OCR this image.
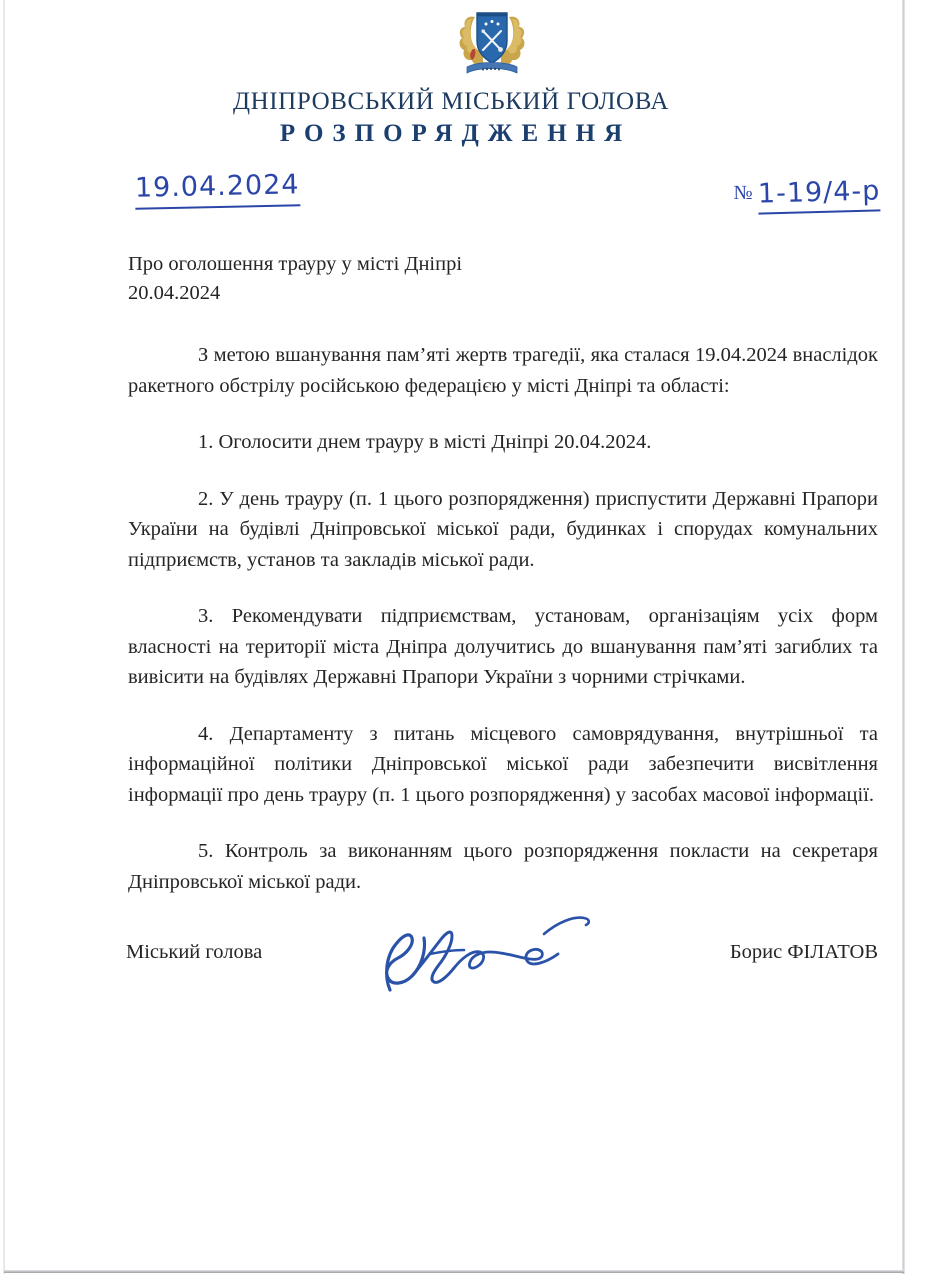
ДНІПРОВСЬКИЙ МІСЬКИЙ ГОЛОВА
РОЗПОРЯДЖЕННЯ
19.04.2024	№ 1-19/4-р
Про оголошення трауру у місті Дніпрі 20.04.2024

З метою вшанування пам’яті жертв трагедії, яка сталася 19.04.2024 внаслідок ракетного обстрілу російською федерацією у місті Дніпрі та області:

1. Оголосити днем трауру в місті Дніпрі 20.04.2024.

2. У день трауру (п. 1 цього розпорядження) приспустити Державні Прапори України на будівлі Дніпровської міської ради, будинках і спорудах комунальних підприємств, установ та закладів міської ради.

3. Рекомендувати підприємствам, установам, організаціям усіх форм власності на території міста Дніпра долучитись до вшанування пам’яті загиблих та вивісити на будівлях Державні Прапори України з чорними стрічками.

4. Департаменту з питань місцевого самоврядування, внутрішньої та інформаційної політики Дніпровської міської ради забезпечити висвітлення інформації про день трауру (п. 1 цього розпорядження) у засобах масової інформації.

5. Контроль за виконанням цього розпорядження покласти на секретаря Дніпровської міської ради.

Міський голова	Борис ФІЛАТОВ
